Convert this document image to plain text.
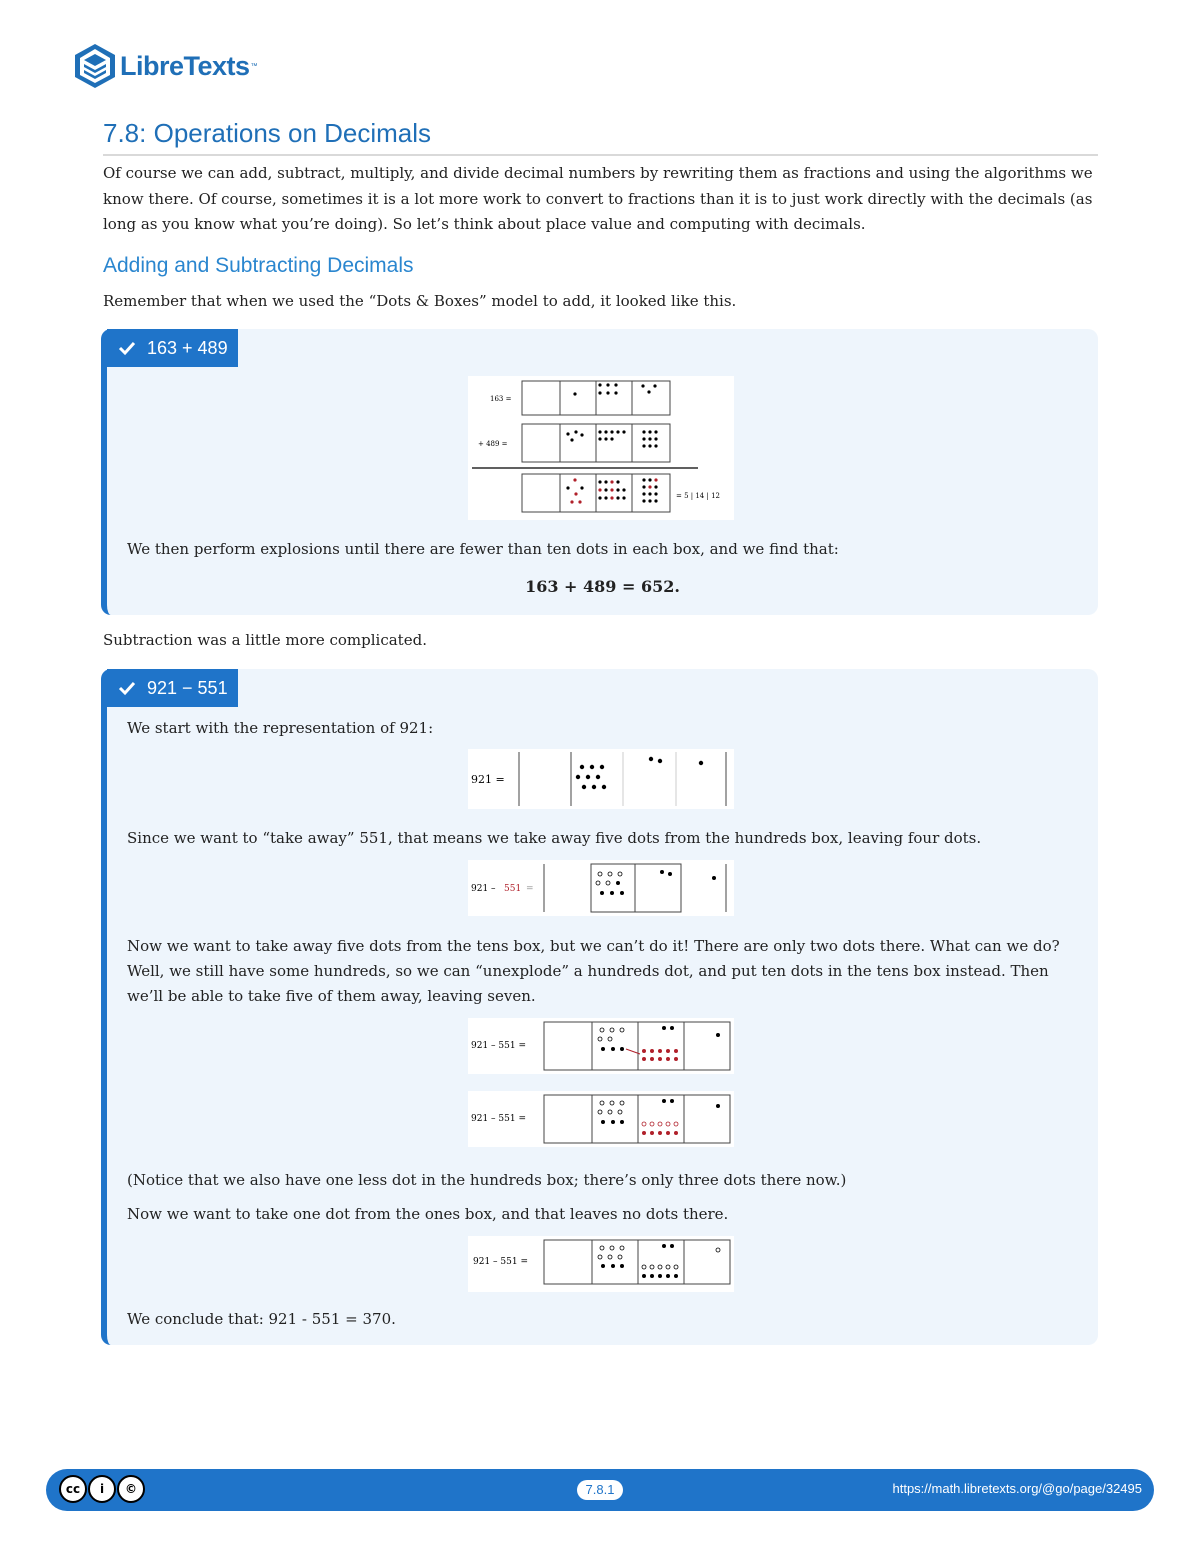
LibreTexts ™
7.8: Operations on Decimals

Of course we can add, subtract, multiply, and divide decimal numbers by rewriting them as fractions and using the algorithms we know there. Of course, sometimes it is a lot more work to convert to fractions than it is to just work directly with the decimals (as long as you know what you’re doing). So let’s think about place value and computing with decimals.

Adding and Subtracting Decimals

Remember that when we used the “Dots & Boxes” model to add, it looked like this.

163 + 489
163 =
+ 489 =
= 5 | 14 | 12

We then perform explosions until there are fewer than ten dots in each box, and we find that:

163 + 489 = 652.

Subtraction was a little more complicated.

921 − 551

We start with the representation of 921:

921 =

Since we want to “take away” 551, that means we take away five dots from the hundreds box, leaving four dots.

921 – 551 =

Now we want to take away five dots from the tens box, but we can’t do it! There are only two dots there. What can we do? Well, we still have some hundreds, so we can “unexplode” a hundreds dot, and put ten dots in the tens box instead. Then we’ll be able to take five of them away, leaving seven.

921 – 551 =
921 – 551 =

(Notice that we also have one less dot in the hundreds box; there’s only three dots there now.)

Now we want to take one dot from the ones box, and that leaves no dots there.

921 – 551 =

We conclude that: 921 - 551 = 370.

cc	i	©	7.8.1	https://math.libretexts.org/@go/page/32495
